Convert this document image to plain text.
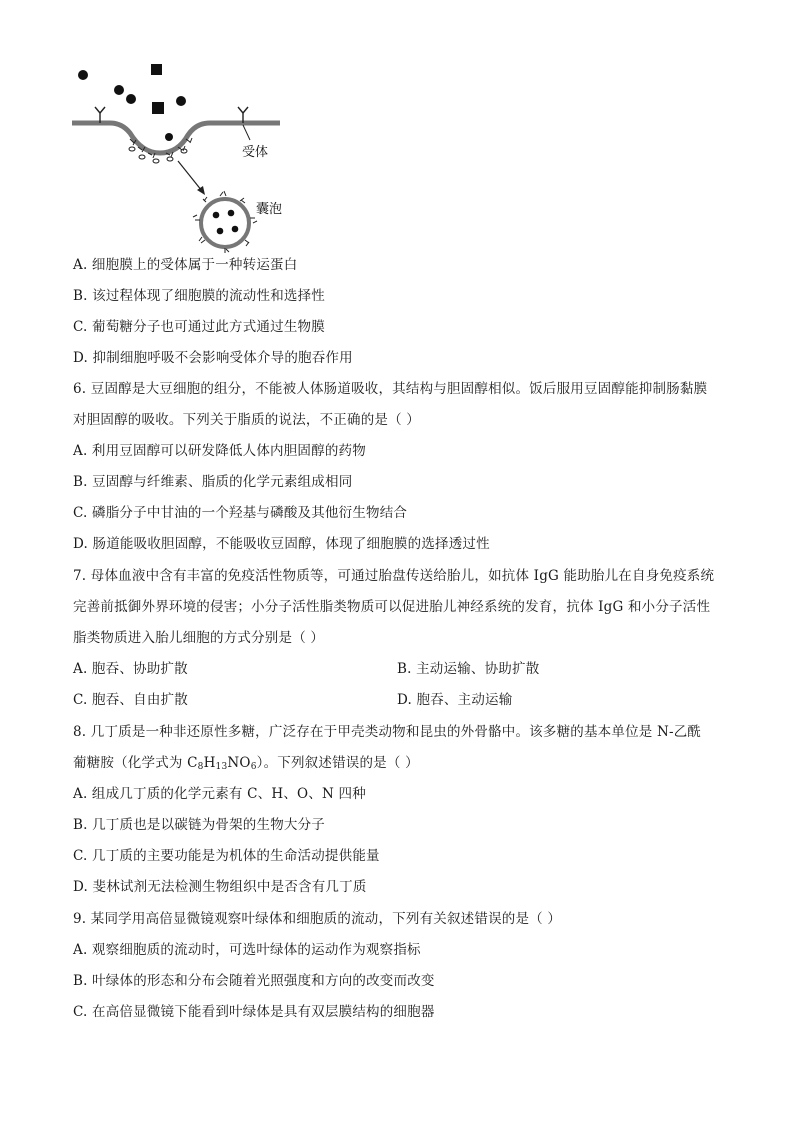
受体
囊泡
A. 细胞膜上的受体属于一种转运蛋白
B. 该过程体现了细胞膜的流动性和选择性
C. 葡萄糖分子也可通过此方式通过生物膜
D. 抑制细胞呼吸不会影响受体介导的胞吞作用
6. 豆固醇是大豆细胞的组分，不能被人体肠道吸收，其结构与胆固醇相似。饭后服用豆固醇能抑制肠黏膜
对胆固醇的吸收。下列关于脂质的说法，不正确的是（ ）
A. 利用豆固醇可以研发降低人体内胆固醇的药物
B. 豆固醇与纤维素、脂质的化学元素组成相同
C. 磷脂分子中甘油的一个羟基与磷酸及其他衍生物结合
D. 肠道能吸收胆固醇，不能吸收豆固醇，体现了细胞膜的选择透过性
7. 母体血液中含有丰富的免疫活性物质等，可通过胎盘传送给胎儿，如抗体 IgG 能助胎儿在自身免疫系统
完善前抵御外界环境的侵害；小分子活性脂类物质可以促进胎儿神经系统的发育，抗体 IgG 和小分子活性
脂类物质进入胎儿细胞的方式分别是（ ）
A. 胞吞、协助扩散	B. 主动运输、协助扩散
C. 胞吞、自由扩散	D. 胞吞、主动运输
8. 几丁质是一种非还原性多糖，广泛存在于甲壳类动物和昆虫的外骨骼中。该多糖的基本单位是 N-乙酰
葡糖胺（化学式为 $C_8H_{13}NO_6$）。下列叙述错误的是（ ）
A. 组成几丁质的化学元素有 C、H、O、N 四种
B. 几丁质也是以碳链为骨架的生物大分子
C. 几丁质的主要功能是为机体的生命活动提供能量
D. 斐林试剂无法检测生物组织中是否含有几丁质
9. 某同学用高倍显微镜观察叶绿体和细胞质的流动，下列有关叙述错误的是（ ）
A. 观察细胞质的流动时，可选叶绿体的运动作为观察指标
B. 叶绿体的形态和分布会随着光照强度和方向的改变而改变
C. 在高倍显微镜下能看到叶绿体是具有双层膜结构的细胞器
